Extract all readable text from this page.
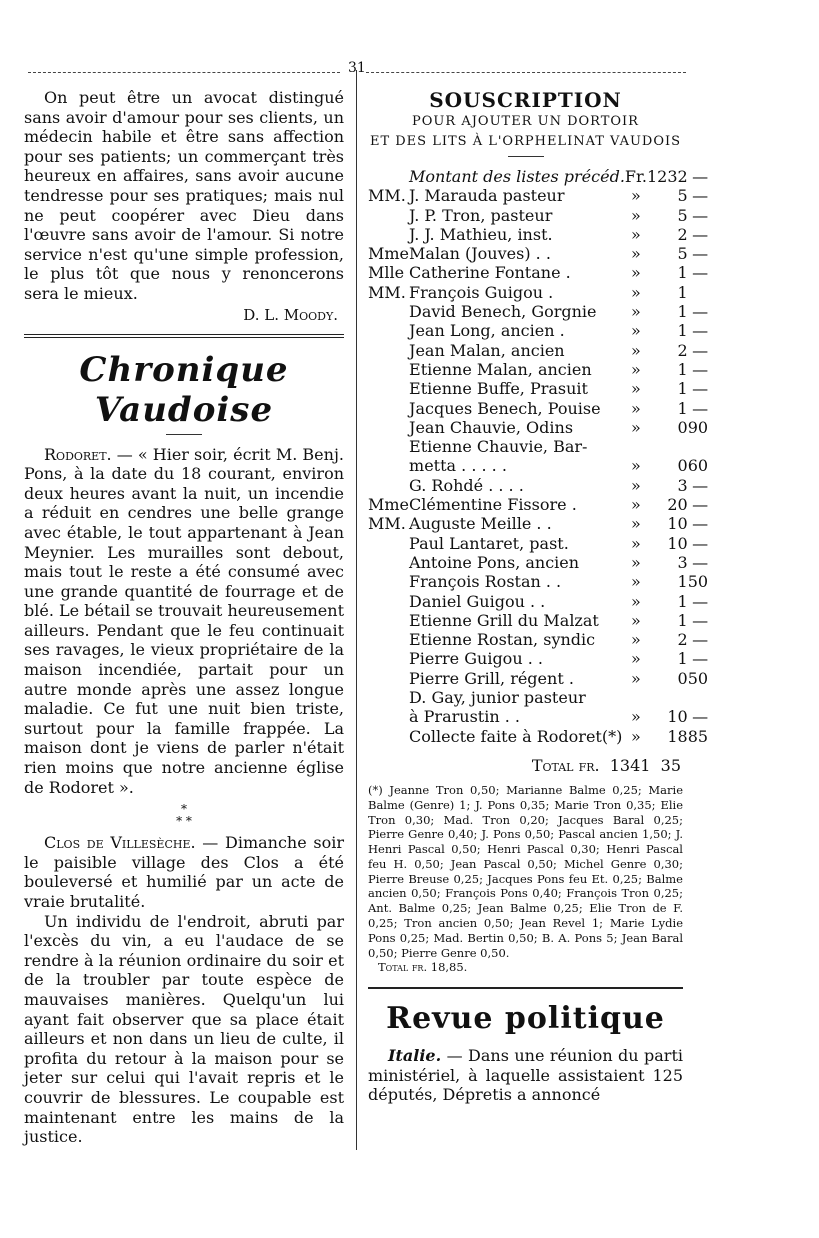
31

On peut être un avocat distingué sans avoir d'amour pour ses clients, un médecin habile et être sans affection pour ses patients; un commerçant très heureux en affaires, sans avoir aucune tendresse pour ses pratiques; mais nul ne peut coopérer avec Dieu dans l'œuvre sans avoir de l'amour. Si notre service n'est qu'une simple profession, le plus tôt que nous y renoncerons sera le mieux.

D. L. Moody.

Chronique Vaudoise

Rodoret. — « Hier soir, écrit M. Benj. Pons, à la date du 18 courant, environ deux heures avant la nuit, un incendie a réduit en cendres une belle grange avec étable, le tout appartenant à Jean Meynier. Les murailles sont debout, mais tout le reste a été consumé avec une grande quantité de fourrage et de blé. Le bétail se trouvait heureusement ailleurs. Pendant que le feu continuait ses ravages, le vieux propriétaire de la maison incendiée, partait pour un autre monde après une assez longue maladie. Ce fut une nuit bien triste, surtout pour la famille frappée. La maison dont je viens de parler n'était rien moins que notre ancienne église de Rodoret ».

*
* *

Clos de Villesèche. — Dimanche soir le paisible village des Clos a été bouleversé et humilié par un acte de vraie brutalité.

Un individu de l'endroit, abruti par l'excès du vin, a eu l'audace de se rendre à la réunion ordinaire du soir et de la troubler par toute espèce de mauvaises manières. Quelqu'un lui ayant fait observer que sa place était ailleurs et non dans un lieu de culte, il profita du retour à la maison pour se jeter sur celui qui l'avait repris et le couvrir de blessures. Le coupable est maintenant entre les mains de la justice.

SOUSCRIPTION
POUR AJOUTER UN DORTOIR
ET DES LITS À L'ORPHELINAT VAUDOIS
	Montant des listes précéd.	Fr.	1232	—
MM.	J. Marauda pasteur	»	5	—
	J. P. Tron, pasteur	»	5	—
	J. J. Mathieu, inst.	»	2	—
Mme	Malan (Jouves) . .	»	5	—
Mlle	Catherine Fontane .	»	1	—
MM.	François Guigou .	»	1	
	David Benech, Gorgnie	»	1	—
	Jean Long, ancien .	»	1	—
	Jean Malan, ancien	»	2	—
	Etienne Malan, ancien	»	1	—
	Etienne Buffe, Prasuit	»	1	—
	Jacques Benech, Pouise	»	1	—
	Jean Chauvie, Odins	»	0	90
	Etienne Chauvie, Bar-			
	metta . . . . .	»	0	60
	G. Rohdé . . . .	»	3	—
Mme	Clémentine Fissore .	»	20	—
MM.	Auguste Meille . .	»	10	—
	Paul Lantaret, past.	»	10	—
	Antoine Pons, ancien	»	3	—
	François Rostan . .	»	1	50
	Daniel Guigou . .	»	1	—
	Etienne Grill du Malzat	»	1	—
	Etienne Rostan, syndic	»	2	—
	Pierre Guigou . .	»	1	—
	Pierre Grill, régent .	»	0	50
	D. Gay, junior pasteur			
	à Prarustin . .	»	10	—
	Collecte faite à Rodoret(*)	»	18	85
Total fr. 1341 35

(*) Jeanne Tron 0,50; Marianne Balme 0,25; Marie Balme (Genre) 1; J. Pons 0,35; Marie Tron 0,35; Elie Tron 0,30; Mad. Tron 0,20; Jacques Baral 0,25; Pierre Genre 0,40; J. Pons 0,50; Pascal ancien 1,50; J. Henri Pascal 0,50; Henri Pascal 0,30; Henri Pascal feu H. 0,50; Jean Pascal 0,50; Michel Genre 0,30; Pierre Breuse 0,25; Jacques Pons feu Et. 0,25; Balme ancien 0,50; François Pons 0,40; François Tron 0,25; Ant. Balme 0,25; Jean Balme 0,25; Elie Tron de F. 0,25; Tron ancien 0,50; Jean Revel 1; Marie Lydie Pons 0,25; Mad. Bertin 0,50; B. A. Pons 5; Jean Baral 0,50; Pierre Genre 0,50.

Total fr. 18,85.

Revue politique

Italie. — Dans une réunion du parti ministériel, à laquelle assistaient 125 députés, Dépretis a annoncé
